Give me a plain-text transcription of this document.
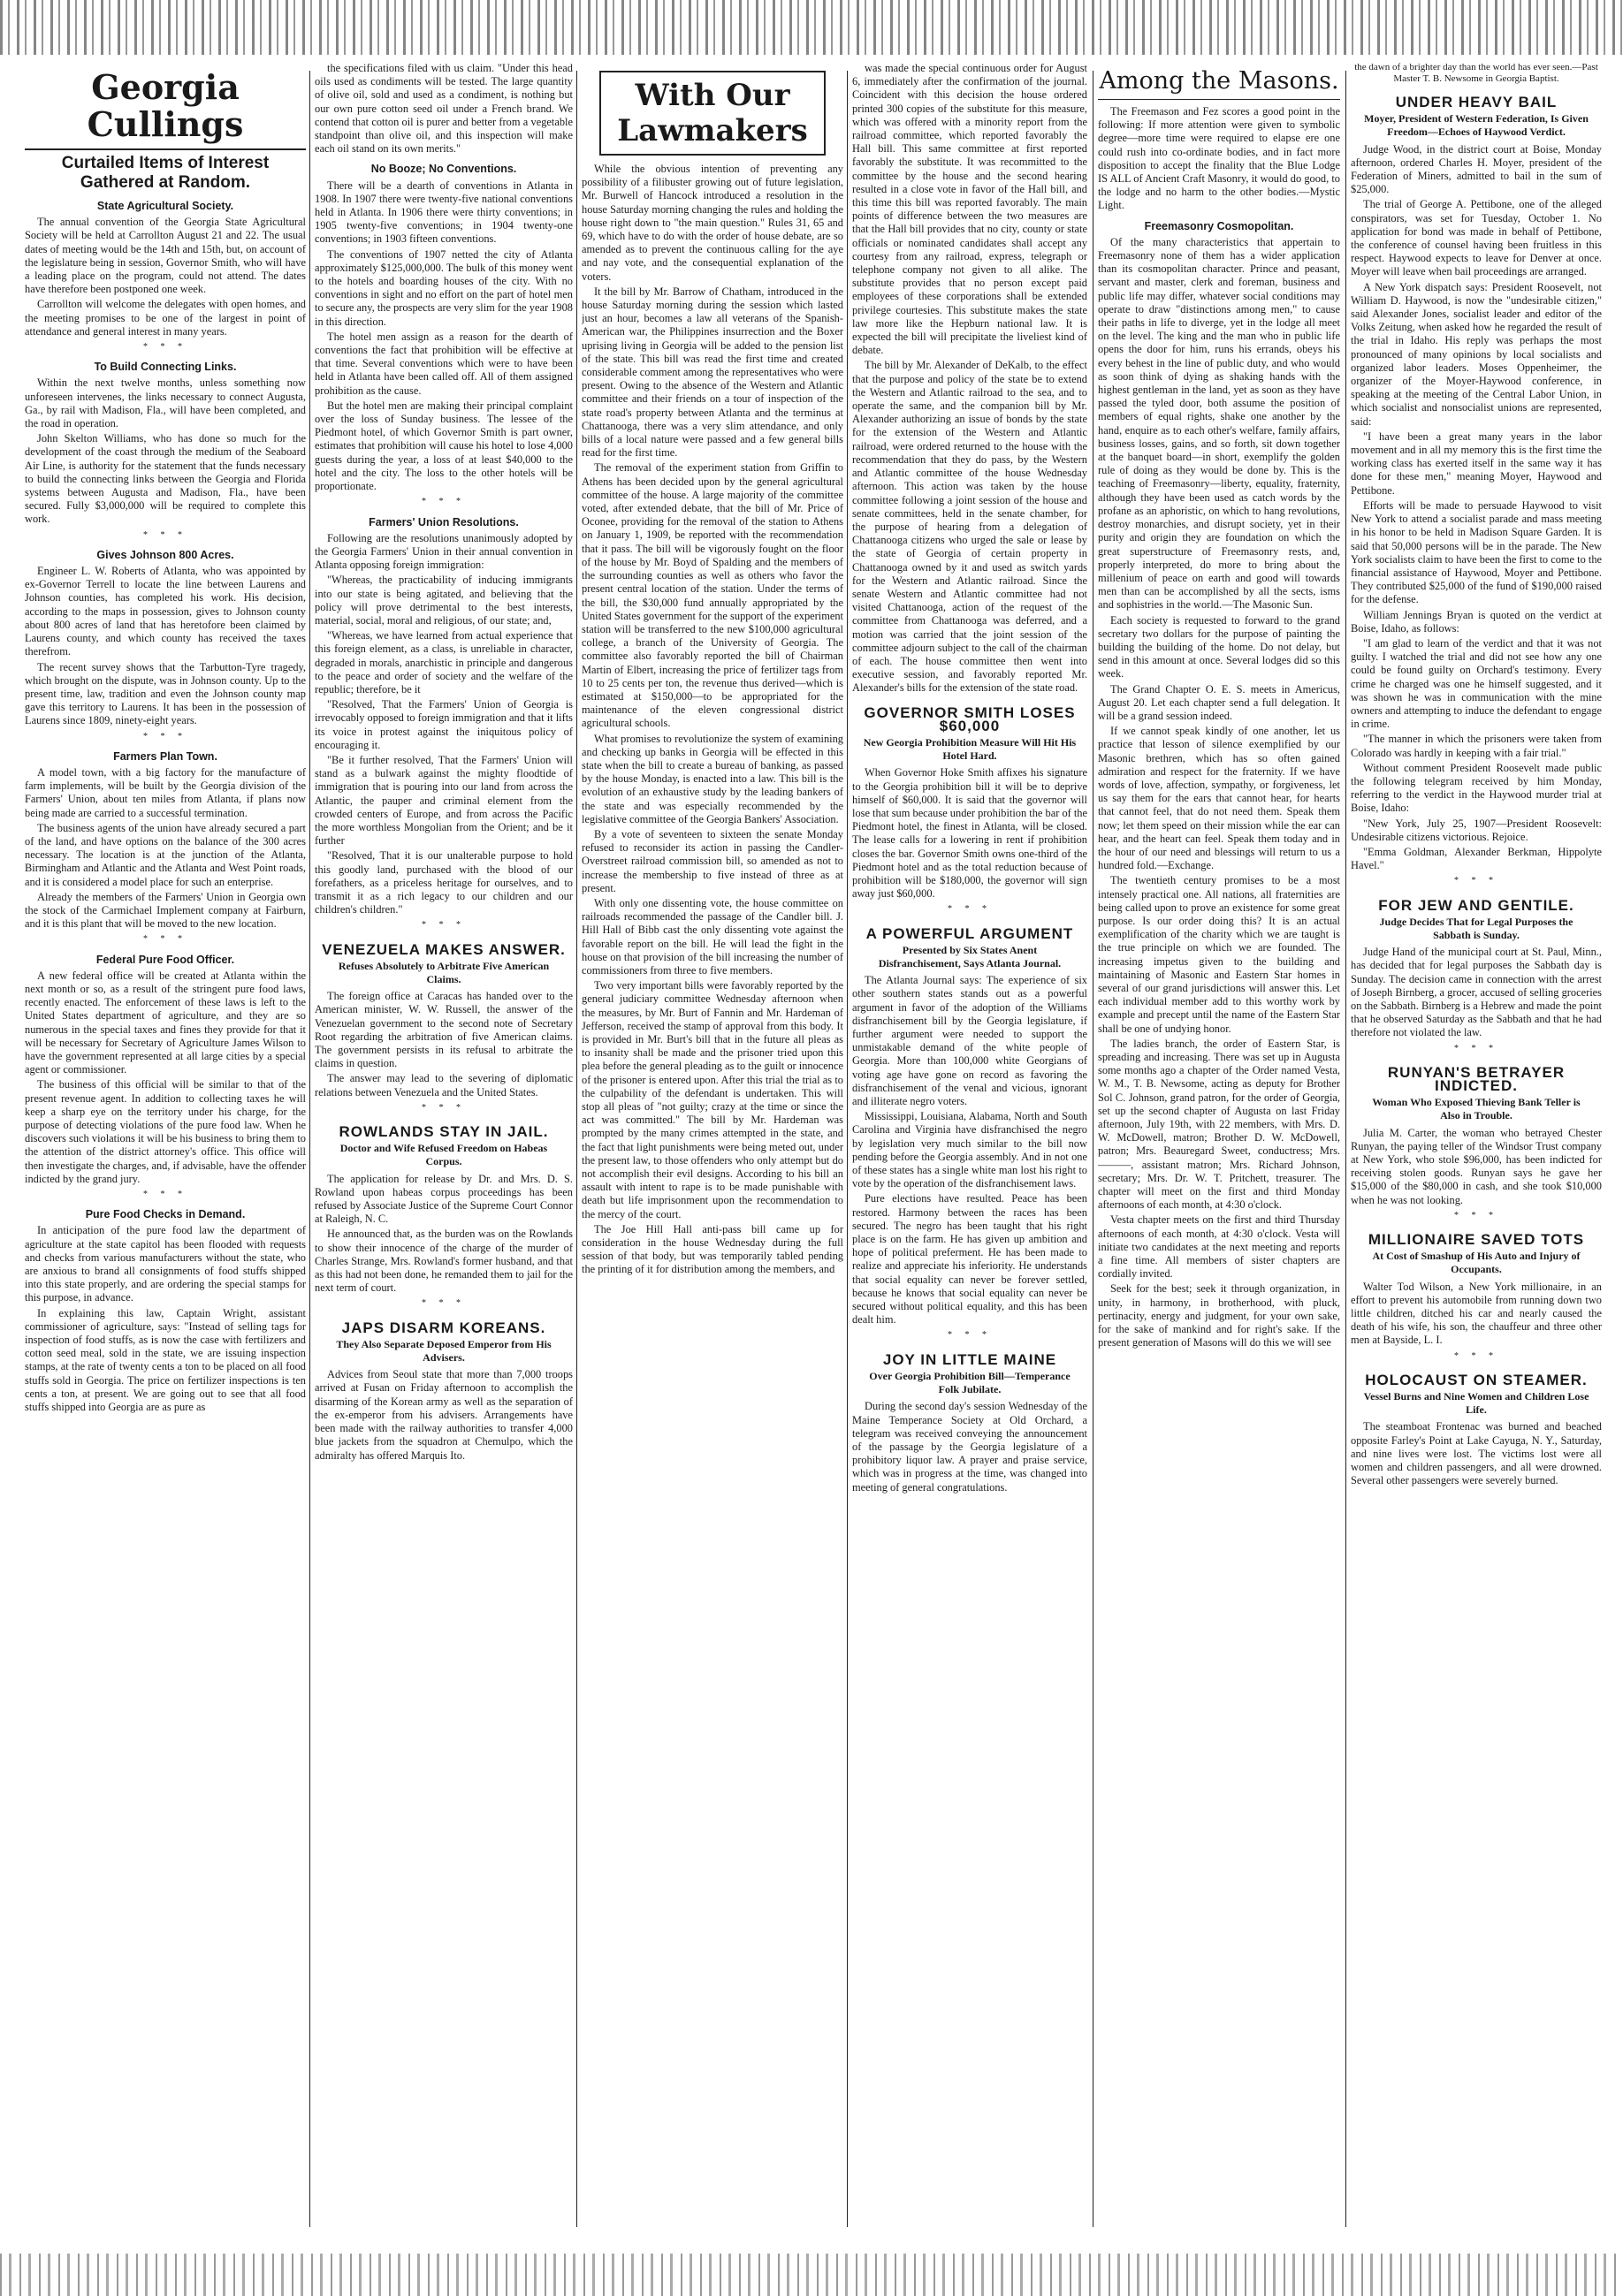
Georgia Cullings
Curtailed Items of Interest Gathered at Random.
State Agricultural Society.

The annual convention of the Georgia State Agricultural Society will be held at Carrollton August 21 and 22. The usual dates of meeting would be the 14th and 15th, but, on account of the legislature being in session, Governor Smith, who will have a leading place on the program, could not attend. The dates have therefore been postponed one week.

Carrollton will welcome the delegates with open homes, and the meeting promises to be one of the largest in point of attendance and general interest in many years.

* * *
To Build Connecting Links.

Within the next twelve months, unless something now unforeseen intervenes, the links necessary to connect Augusta, Ga., by rail with Madison, Fla., will have been completed, and the road in operation.

John Skelton Williams, who has done so much for the development of the coast through the medium of the Seaboard Air Line, is authority for the statement that the funds necessary to build the connecting links between the Georgia and Florida systems between Augusta and Madison, Fla., have been secured. Fully $3,000,000 will be required to complete this work.

* * *
Gives Johnson 800 Acres.

Engineer L. W. Roberts of Atlanta, who was appointed by ex-Governor Terrell to locate the line between Laurens and Johnson counties, has completed his work. His decision, according to the maps in possession, gives to Johnson county about 800 acres of land that has heretofore been claimed by Laurens county, and which county has received the taxes therefrom.

The recent survey shows that the Tarbutton-Tyre tragedy, which brought on the dispute, was in Johnson county. Up to the present time, law, tradition and even the Johnson county map gave this territory to Laurens. It has been in the possession of Laurens since 1809, ninety-eight years.

* * *
Farmers Plan Town.

A model town, with a big factory for the manufacture of farm implements, will be built by the Georgia division of the Farmers' Union, about ten miles from Atlanta, if plans now being made are carried to a successful termination.

The business agents of the union have already secured a part of the land, and have options on the balance of the 300 acres necessary. The location is at the junction of the Atlanta, Birmingham and Atlantic and the Atlanta and West Point roads, and it is considered a model place for such an enterprise.

Already the members of the Farmers' Union in Georgia own the stock of the Carmichael Implement company at Fairburn, and it is this plant that will be moved to the new location.

* * *
Federal Pure Food Officer.

A new federal office will be created at Atlanta within the next month or so, as a result of the stringent pure food laws, recently enacted. The enforcement of these laws is left to the United States department of agriculture, and they are so numerous in the special taxes and fines they provide for that it will be necessary for Secretary of Agriculture James Wilson to have the government represented at all large cities by a special agent or commissioner.

The business of this official will be similar to that of the present revenue agent. In addition to collecting taxes he will keep a sharp eye on the territory under his charge, for the purpose of detecting violations of the pure food law. When he discovers such violations it will be his business to bring them to the attention of the district attorney's office. This office will then investigate the charges, and, if advisable, have the offender indicted by the grand jury.

* * *
Pure Food Checks in Demand.

In anticipation of the pure food law the department of agriculture at the state capitol has been flooded with requests and checks from various manufacturers without the state, who are anxious to brand all consignments of food stuffs shipped into this state properly, and are ordering the special stamps for this purpose, in advance.

In explaining this law, Captain Wright, assistant commissioner of agriculture, says: "Instead of selling tags for inspection of food stuffs, as is now the case with fertilizers and cotton seed meal, sold in the state, we are issuing inspection stamps, at the rate of twenty cents a ton to be placed on all food stuffs sold in Georgia. The price on fertilizer inspections is ten cents a ton, at present. We are going out to see that all food stuffs shipped into Georgia are as pure as

the specifications filed with us claim. "Under this head oils used as condiments will be tested. The large quantity of olive oil, sold and used as a condiment, is nothing but our own pure cotton seed oil under a French brand. We contend that cotton oil is purer and better from a vegetable standpoint than olive oil, and this inspection will make each oil stand on its own merits."

No Booze; No Conventions.

There will be a dearth of conventions in Atlanta in 1908. In 1907 there were twenty-five national conventions held in Atlanta. In 1906 there were thirty conventions; in 1905 twenty-five conventions; in 1904 twenty-one conventions; in 1903 fifteen conventions.

The conventions of 1907 netted the city of Atlanta approximately $125,000,000. The bulk of this money went to the hotels and boarding houses of the city. With no conventions in sight and no effort on the part of hotel men to secure any, the prospects are very slim for the year 1908 in this direction.

The hotel men assign as a reason for the dearth of conventions the fact that prohibition will be effective at that time. Several conventions which were to have been held in Atlanta have been called off. All of them assigned prohibition as the cause.

But the hotel men are making their principal complaint over the loss of Sunday business. The lessee of the Piedmont hotel, of which Governor Smith is part owner, estimates that prohibition will cause his hotel to lose 4,000 guests during the year, a loss of at least $40,000 to the hotel and the city. The loss to the other hotels will be proportionate.

* * *
Farmers' Union Resolutions.

Following are the resolutions unanimously adopted by the Georgia Farmers' Union in their annual convention in Atlanta opposing foreign immigration:

"Whereas, the practicability of inducing immigrants into our state is being agitated, and believing that the policy will prove detrimental to the best interests, material, social, moral and religious, of our state; and,

"Whereas, we have learned from actual experience that this foreign element, as a class, is unreliable in character, degraded in morals, anarchistic in principle and dangerous to the peace and order of society and the welfare of the republic; therefore, be it

"Resolved, That the Farmers' Union of Georgia is irrevocably opposed to foreign immigration and that it lifts its voice in protest against the iniquitous policy of encouraging it.

"Be it further resolved, That the Farmers' Union will stand as a bulwark against the mighty floodtide of immigration that is pouring into our land from across the Atlantic, the pauper and criminal element from the crowded centers of Europe, and from across the Pacific the more worthless Mongolian from the Orient; and be it further

"Resolved, That it is our unalterable purpose to hold this goodly land, purchased with the blood of our forefathers, as a priceless heritage for ourselves, and to transmit it as a rich legacy to our children and our children's children."

* * *
VENEZUELA MAKES ANSWER.
Refuses Absolutely to Arbitrate Five American Claims.

The foreign office at Caracas has handed over to the American minister, W. W. Russell, the answer of the Venezuelan government to the second note of Secretary Root regarding the arbitration of five American claims. The government persists in its refusal to arbitrate the claims in question.

The answer may lead to the severing of diplomatic relations between Venezuela and the United States.

* * *
ROWLANDS STAY IN JAIL.
Doctor and Wife Refused Freedom on Habeas Corpus.

The application for release by Dr. and Mrs. D. S. Rowland upon habeas corpus proceedings has been refused by Associate Justice of the Supreme Court Connor at Raleigh, N. C.

He announced that, as the burden was on the Rowlands to show their innocence of the charge of the murder of Charles Strange, Mrs. Rowland's former husband, and that as this had not been done, he remanded them to jail for the next term of court.

* * *
JAPS DISARM KOREANS.
They Also Separate Deposed Emperor from His Advisers.

Advices from Seoul state that more than 7,000 troops arrived at Fusan on Friday afternoon to accomplish the disarming of the Korean army as well as the separation of the ex-emperor from his advisers. Arrangements have been made with the railway authorities to transfer 4,000 blue jackets from the squadron at Chemulpo, which the admiralty has offered Marquis Ito.

With Our Lawmakers

While the obvious intention of preventing any possibility of a filibuster growing out of future legislation, Mr. Burwell of Hancock introduced a resolution in the house Saturday morning changing the rules and holding the house right down to "the main question." Rules 31, 65 and 69, which have to do with the order of house debate, are so amended as to prevent the continuous calling for the aye and nay vote, and the consequential explanation of the voters.

It the bill by Mr. Barrow of Chatham, introduced in the house Saturday morning during the session which lasted just an hour, becomes a law all veterans of the Spanish-American war, the Philippines insurrection and the Boxer uprising living in Georgia will be added to the pension list of the state. This bill was read the first time and created considerable comment among the representatives who were present. Owing to the absence of the Western and Atlantic committee and their friends on a tour of inspection of the state road's property between Atlanta and the terminus at Chattanooga, there was a very slim attendance, and only bills of a local nature were passed and a few general bills read for the first time.

The removal of the experiment station from Griffin to Athens has been decided upon by the general agricultural committee of the house. A large majority of the committee voted, after extended debate, that the bill of Mr. Price of Oconee, providing for the removal of the station to Athens on January 1, 1909, be reported with the recommendation that it pass. The bill will be vigorously fought on the floor of the house by Mr. Boyd of Spalding and the members of the surrounding counties as well as others who favor the present central location of the station. Under the terms of the bill, the $30,000 fund annually appropriated by the United States government for the support of the experiment station will be transferred to the new $100,000 agricultural college, a branch of the University of Georgia. The committee also favorably reported the bill of Chairman Martin of Elbert, increasing the price of fertilizer tags from 10 to 25 cents per ton, the revenue thus derived—which is estimated at $150,000—to be appropriated for the maintenance of the eleven congressional district agricultural schools.

What promises to revolutionize the system of examining and checking up banks in Georgia will be effected in this state when the bill to create a bureau of banking, as passed by the house Monday, is enacted into a law. This bill is the evolution of an exhaustive study by the leading bankers of the state and was especially recommended by the legislative committee of the Georgia Bankers' Association.

By a vote of seventeen to sixteen the senate Monday refused to reconsider its action in passing the Candler-Overstreet railroad commission bill, so amended as not to increase the membership to five instead of three as at present.

With only one dissenting vote, the house committee on railroads recommended the passage of the Candler bill. J. Hill Hall of Bibb cast the only dissenting vote against the favorable report on the bill. He will lead the fight in the house on that provision of the bill increasing the number of commissioners from three to five members.

Two very important bills were favorably reported by the general judiciary committee Wednesday afternoon when the measures, by Mr. Burt of Fannin and Mr. Hardeman of Jefferson, received the stamp of approval from this body. It is provided in Mr. Burt's bill that in the future all pleas as to insanity shall be made and the prisoner tried upon this plea before the general pleading as to the guilt or innocence of the prisoner is entered upon. After this trial the trial as to the culpability of the defendant is undertaken. This will stop all pleas of "not guilty; crazy at the time or since the act was committed." The bill by Mr. Hardeman was prompted by the many crimes attempted in the state, and the fact that light punishments were being meted out, under the present law, to those offenders who only attempt but do not accomplish their evil designs. According to his bill an assault with intent to rape is to be made punishable with death but life imprisonment upon the recommendation to the mercy of the court.

The Joe Hill Hall anti-pass bill came up for consideration in the house Wednesday during the full session of that body, but was temporarily tabled pending the printing of it for distribution among the members, and

was made the special continuous order for August 6, immediately after the confirmation of the journal. Coincident with this decision the house ordered printed 300 copies of the substitute for this measure, which was offered with a minority report from the railroad committee, which reported favorably the Hall bill. This same committee at first reported favorably the substitute. It was recommitted to the committee by the house and the second hearing resulted in a close vote in favor of the Hall bill, and this time this bill was reported favorably. The main points of difference between the two measures are that the Hall bill provides that no city, county or state officials or nominated candidates shall accept any courtesy from any railroad, express, telegraph or telephone company not given to all alike. The substitute provides that no person except paid employees of these corporations shall be extended privilege courtesies. This substitute makes the state law more like the Hepburn national law. It is expected the bill will precipitate the liveliest kind of debate.

The bill by Mr. Alexander of DeKalb, to the effect that the purpose and policy of the state be to extend the Western and Atlantic railroad to the sea, and to operate the same, and the companion bill by Mr. Alexander authorizing an issue of bonds by the state for the extension of the Western and Atlantic railroad, were ordered returned to the house with the recommendation that they do pass, by the Western and Atlantic committee of the house Wednesday afternoon. This action was taken by the house committee following a joint session of the house and senate committees, held in the senate chamber, for the purpose of hearing from a delegation of Chattanooga citizens who urged the sale or lease by the state of Georgia of certain property in Chattanooga owned by it and used as switch yards for the Western and Atlantic railroad. Since the senate Western and Atlantic committee had not visited Chattanooga, action of the request of the committee from Chattanooga was deferred, and a motion was carried that the joint session of the committee adjourn subject to the call of the chairman of each. The house committee then went into executive session, and favorably reported Mr. Alexander's bills for the extension of the state road.

GOVERNOR SMITH LOSES $60,000
New Georgia Prohibition Measure Will Hit His Hotel Hard.

When Governor Hoke Smith affixes his signature to the Georgia prohibition bill it will be to deprive himself of $60,000. It is said that the governor will lose that sum because under prohibition the bar of the Piedmont hotel, the finest in Atlanta, will be closed. The lease calls for a lowering in rent if prohibition closes the bar. Governor Smith owns one-third of the Piedmont hotel and as the total reduction because of prohibition will be $180,000, the governor will sign away just $60,000.

* * *
A POWERFUL ARGUMENT
Presented by Six States Anent Disfranchisement, Says Atlanta Journal.

The Atlanta Journal says: The experience of six other southern states stands out as a powerful argument in favor of the adoption of the Williams disfranchisement bill by the Georgia legislature, if further argument were needed to support the unmistakable demand of the white people of Georgia. More than 100,000 white Georgians of voting age have gone on record as favoring the disfranchisement of the venal and vicious, ignorant and illiterate negro voters.

Mississippi, Louisiana, Alabama, North and South Carolina and Virginia have disfranchised the negro by legislation very much similar to the bill now pending before the Georgia assembly. And in not one of these states has a single white man lost his right to vote by the operation of the disfranchisement laws.

Pure elections have resulted. Peace has been restored. Harmony between the races has been secured. The negro has been taught that his right place is on the farm. He has given up ambition and hope of political preferment. He has been made to realize and appreciate his inferiority. He understands that social equality can never be forever settled, because he knows that social equality can never be secured without political equality, and this has been dealt him.

* * *
JOY IN LITTLE MAINE
Over Georgia Prohibition Bill—Temperance Folk Jubilate.

During the second day's session Wednesday of the Maine Temperance Society at Old Orchard, a telegram was received conveying the announcement of the passage by the Georgia legislature of a prohibitory liquor law. A prayer and praise service, which was in progress at the time, was changed into meeting of general congratulations.

Among the Masons.

The Freemason and Fez scores a good point in the following: If more attention were given to symbolic degree—more time were required to elapse ere one could rush into co-ordinate bodies, and in fact more disposition to accept the finality that the Blue Lodge IS ALL of Ancient Craft Masonry, it would do good, to the lodge and no harm to the other bodies.—Mystic Light.

Freemasonry Cosmopolitan.

Of the many characteristics that appertain to Freemasonry none of them has a wider application than its cosmopolitan character. Prince and peasant, servant and master, clerk and foreman, business and public life may differ, whatever social conditions may operate to draw "distinctions among men," to cause their paths in life to diverge, yet in the lodge all meet on the level. The king and the man who in public life opens the door for him, runs his errands, obeys his every behest in the line of public duty, and who would as soon think of dying as shaking hands with the highest gentleman in the land, yet as soon as they have passed the tyled door, both assume the position of members of equal rights, shake one another by the hand, enquire as to each other's welfare, family affairs, business losses, gains, and so forth, sit down together at the banquet board—in short, exemplify the golden rule of doing as they would be done by. This is the teaching of Freemasonry—liberty, equality, fraternity, although they have been used as catch words by the profane as an aphoristic, on which to hang revolutions, destroy monarchies, and disrupt society, yet in their purity and origin they are foundation on which the great superstructure of Freemasonry rests, and, properly interpreted, do more to bring about the millenium of peace on earth and good will towards men than can be accomplished by all the sects, isms and sophistries in the world.—The Masonic Sun.

Each society is requested to forward to the grand secretary two dollars for the purpose of painting the building the building of the home. Do not delay, but send in this amount at once. Several lodges did so this week.

The Grand Chapter O. E. S. meets in Americus, August 20. Let each chapter send a full delegation. It will be a grand session indeed.

If we cannot speak kindly of one another, let us practice that lesson of silence exemplified by our Masonic brethren, which has so often gained admiration and respect for the fraternity. If we have words of love, affection, sympathy, or forgiveness, let us say them for the ears that cannot hear, for hearts that cannot feel, that do not need them. Speak them now; let them speed on their mission while the ear can hear, and the heart can feel. Speak them today and in the hour of our need and blessings will return to us a hundred fold.—Exchange.

The twentieth century promises to be a most intensely practical one. All nations, all fraternities are being called upon to prove an existence for some great purpose. Is our order doing this? It is an actual exemplification of the charity which we are taught is the true principle on which we are founded. The increasing impetus given to the building and maintaining of Masonic and Eastern Star homes in several of our grand jurisdictions will answer this. Let each individual member add to this worthy work by example and precept until the name of the Eastern Star shall be one of undying honor.

The ladies branch, the order of Eastern Star, is spreading and increasing. There was set up in Augusta some months ago a chapter of the Order named Vesta, W. M., T. B. Newsome, acting as deputy for Brother Sol C. Johnson, grand patron, for the order of Georgia, set up the second chapter of Augusta on last Friday afternoon, July 19th, with 22 members, with Mrs. D. W. McDowell, matron; Brother D. W. McDowell, patron; Mrs. Beauregard Sweet, conductress; Mrs. ———, assistant matron; Mrs. Richard Johnson, secretary; Mrs. Dr. W. T. Pritchett, treasurer. The chapter will meet on the first and third Monday afternoons of each month, at 4:30 o'clock.

Vesta chapter meets on the first and third Thursday afternoons of each month, at 4:30 o'clock. Vesta will initiate two candidates at the next meeting and reports a fine time. All members of sister chapters are cordially invited.

Seek for the best; seek it through organization, in unity, in harmony, in brotherhood, with pluck, pertinacity, energy and judgment, for your own sake, for the sake of mankind and for right's sake. If the present generation of Masons will do this we will see

the dawn of a brighter day than the world has ever seen.—Past Master T. B. Newsome in Georgia Baptist.
UNDER HEAVY BAIL
Moyer, President of Western Federation, Is Given Freedom—Echoes of Haywood Verdict.

Judge Wood, in the district court at Boise, Monday afternoon, ordered Charles H. Moyer, president of the Federation of Miners, admitted to bail in the sum of $25,000.

The trial of George A. Pettibone, one of the alleged conspirators, was set for Tuesday, October 1. No application for bond was made in behalf of Pettibone, the conference of counsel having been fruitless in this respect. Haywood expects to leave for Denver at once. Moyer will leave when bail proceedings are arranged.

A New York dispatch says: President Roosevelt, not William D. Haywood, is now the "undesirable citizen," said Alexander Jones, socialist leader and editor of the Volks Zeitung, when asked how he regarded the result of the trial in Idaho. His reply was perhaps the most pronounced of many opinions by local socialists and organized labor leaders. Moses Oppenheimer, the organizer of the Moyer-Haywood conference, in speaking at the meeting of the Central Labor Union, in which socialist and nonsocialist unions are represented, said:

"I have been a great many years in the labor movement and in all my memory this is the first time the working class has exerted itself in the same way it has done for these men," meaning Moyer, Haywood and Pettibone.

Efforts will be made to persuade Haywood to visit New York to attend a socialist parade and mass meeting in his honor to be held in Madison Square Garden. It is said that 50,000 persons will be in the parade. The New York socialists claim to have been the first to come to the financial assistance of Haywood, Moyer and Pettibone. They contributed $25,000 of the fund of $190,000 raised for the defense.

William Jennings Bryan is quoted on the verdict at Boise, Idaho, as follows:

"I am glad to learn of the verdict and that it was not guilty. I watched the trial and did not see how any one could be found guilty on Orchard's testimony. Every crime he charged was one he himself suggested, and it was shown he was in communication with the mine owners and attempting to induce the defendant to engage in crime.

"The manner in which the prisoners were taken from Colorado was hardly in keeping with a fair trial."

Without comment President Roosevelt made public the following telegram received by him Monday, referring to the verdict in the Haywood murder trial at Boise, Idaho:

"New York, July 25, 1907—President Roosevelt: Undesirable citizens victorious. Rejoice.

"Emma Goldman, Alexander Berkman, Hippolyte Havel."

* * *
FOR JEW AND GENTILE.
Judge Decides That for Legal Purposes the Sabbath is Sunday.

Judge Hand of the municipal court at St. Paul, Minn., has decided that for legal purposes the Sabbath day is Sunday. The decision came in connection with the arrest of Joseph Birnberg, a grocer, accused of selling groceries on the Sabbath. Birnberg is a Hebrew and made the point that he observed Saturday as the Sabbath and that he had therefore not violated the law.

* * *
RUNYAN'S BETRAYER INDICTED.
Woman Who Exposed Thieving Bank Teller is Also in Trouble.

Julia M. Carter, the woman who betrayed Chester Runyan, the paying teller of the Windsor Trust company at New York, who stole $96,000, has been indicted for receiving stolen goods. Runyan says he gave her $15,000 of the $80,000 in cash, and she took $10,000 when he was not looking.

* * *
MILLIONAIRE SAVED TOTS
At Cost of Smashup of His Auto and Injury of Occupants.

Walter Tod Wilson, a New York millionaire, in an effort to prevent his automobile from running down two little children, ditched his car and nearly caused the death of his wife, his son, the chauffeur and three other men at Bayside, L. I.

* * *
HOLOCAUST ON STEAMER.
Vessel Burns and Nine Women and Children Lose Life.

The steamboat Frontenac was burned and beached opposite Farley's Point at Lake Cayuga, N. Y., Saturday, and nine lives were lost. The victims lost were all women and children passengers, and all were drowned. Several other passengers were severely burned.
